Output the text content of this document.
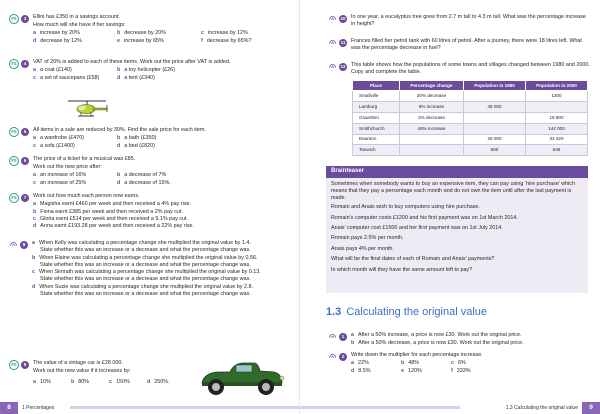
FS	3	Ellini has £350 in a savings account.

How much will she have if her savings:

a increase by 20%	b decrease by 20%	c increase by 12%
d decrease by 12%	e increase by 65%	f decrease by 65%?
FS	4	VAT of 20% is added to each of these items. Work out the price after VAT is added.

a a coat (£140)	b a toy helicopter (£26)
c a set of saucepans (£58)	d a tent (£340)
FS	5	All items in a sale are reduced by 30%. Find the sale price for each item.

a a wardrobe (£470)	b a bath (£350)
c a sofa (£1400)	d a bed (£820)
FS	6	The price of a ticket for a musical was £85.

Work out the new price after:

a an increase of 16%	b a decrease of 7%
c an increase of 25%	d a decrease of 15%.
FS	7	Work out how much each person now earns.

a Magisha earnt £460 per week and then received a 4% pay rise.
b Fiona earnt £385 per week and then received a 2% pay cut.
c Gloria earnt £514 per week and then received a 9.1% pay cut.
d Anna earnt £193.28 per week and then received a 22% pay rise.
8	a When Kelly was calculating a percentage change she multiplied the original value by 1.4.
State whether this was an increase or a decrease and what the percentage change was.
b When Elaine was calculating a percentage change she multiplied the original value by 0.56.
State whether this was an increase or a decrease and what the percentage change was.
c When Simrath was calculating a percentage change she multiplied the original value by 0.13.
State whether this was an increase or a decrease and what the percentage change was.
d When Suzie was calculating a percentage change she multiplied the original value by 2.8.
State whether this was an increase or a decrease and what the percentage change was.
FS	9	The value of a vintage car is £28 000.

Work out the new value if it increases by:

a 10%	b 80%	c 150%	d 250%.
8	1 Percentages
10 In one year, a eucalyptus tree grew from 2.7 m tall to 4.3 m tall. What was the percentage increase in height?

11 Frances filled her petrol tank with 60 litres of petrol. After a journey, there were 18 litres left. What was the percentage decrease in fuel?

12 This table shows how the populations of some towns and villages changed between 1980 and 2000. Copy and complete the table.

Place	Percentage change	Population in 1980	Population in 2000
Smallville	30% decrease		1300
Lamburg	8% increase	46 000	
Gravelton	2% decrease		19 800
Smithchurch	48% increase		144 000
Deanton		28 000	33 320
Tanwich		680	646
Brainteaser

Sometimes when somebody wants to buy an expensive item, they can pay using ‘hire purchase’ which means that they pay a percentage each month and do not own the item until after the last payment is made.

Romain and Anais wish to buy computers using hire purchase.

Romain’s computer costs £1200 and his first payment was on 1st March 2014.

Anais’ computer cost £1500 and her first payment was on 1st July 2014.

Romain pays 2.5% per month.

Anais pays 4% per month.

What will be the final dates of each of Romain and Anais’ payments?

In which month will they have the same amount left to pay?

1.3 Calculating the original value
1	a After a 50% increase, a price is now £30. Work out the original price.
b After a 50% decrease, a price is now £30. Work out the original price.
2	Write down the multiplier for each percentage increase.

a 22%	b 48%	c 6%
d 8.5%	e 120%	f 333%
1.3 Calculating the original value	9
